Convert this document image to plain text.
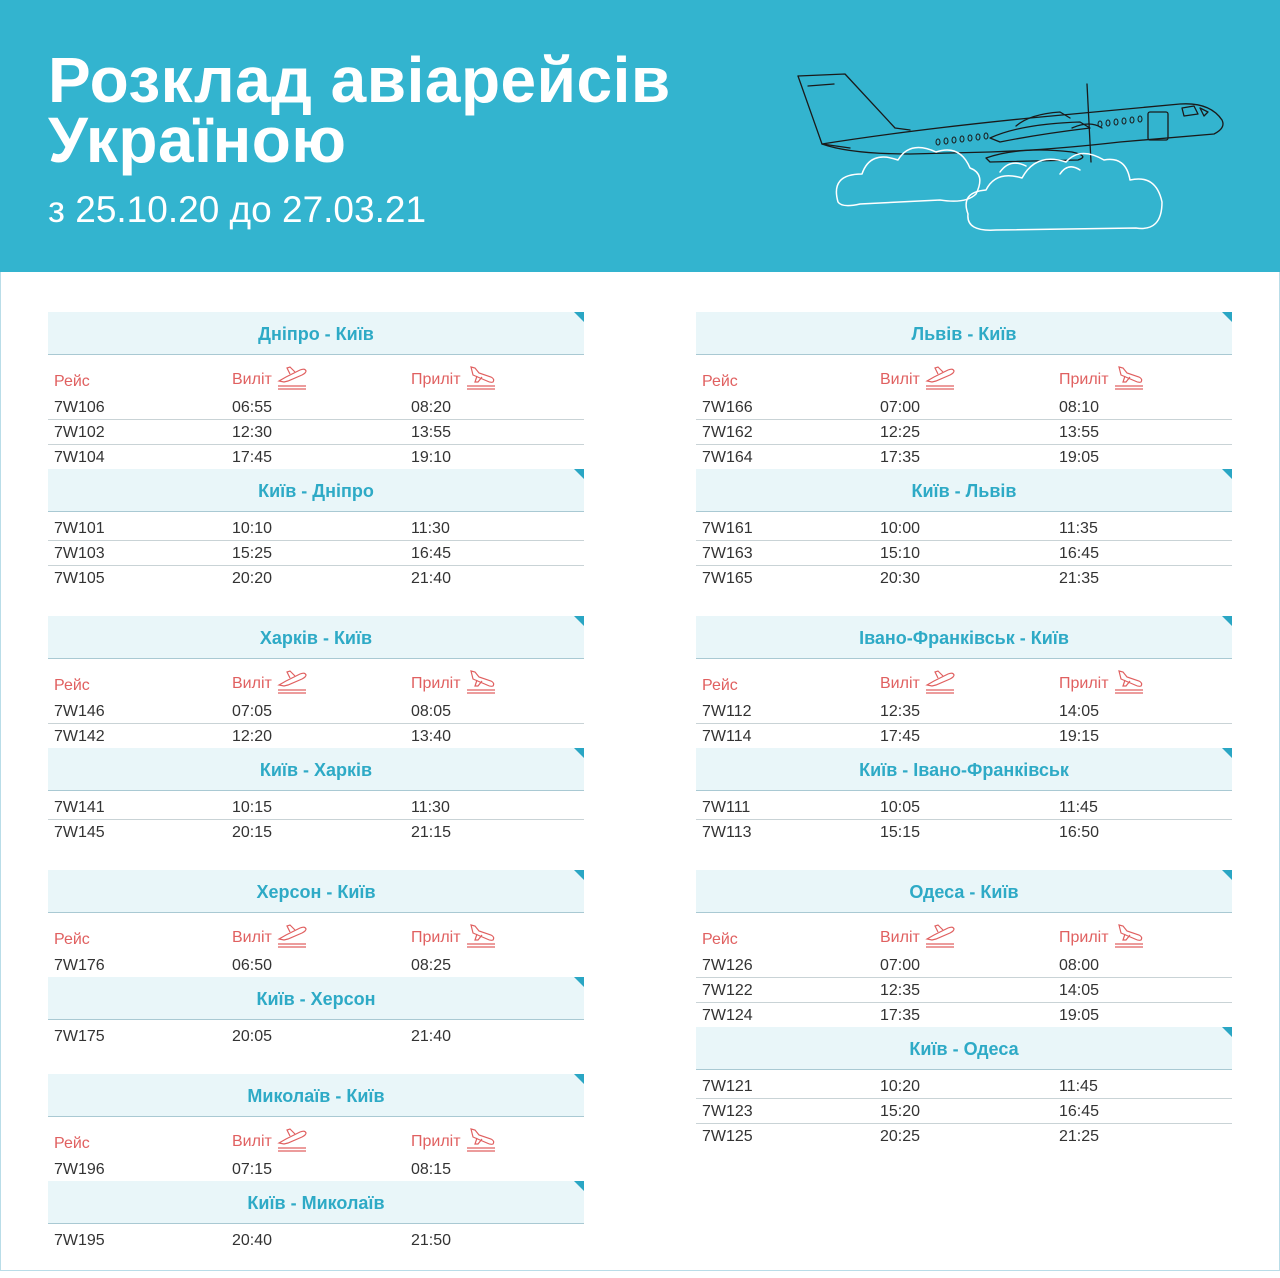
Розклад авіарейсів
Україною

з 25.10.20 до 27.03.21

Дніпро - Київ
Рейс	Виліт	Приліт
7W106	06:55	08:20
7W102	12:30	13:55
7W104	17:45	19:10
Київ - Дніпро
7W101	10:10	11:30
7W103	15:25	16:45
7W105	20:20	21:40
Харків - Київ
Рейс	Виліт	Приліт
7W146	07:05	08:05
7W142	12:20	13:40
Київ - Харків
7W141	10:15	11:30
7W145	20:15	21:15
Херсон - Київ
Рейс	Виліт	Приліт
7W176	06:50	08:25
Київ - Херсон
7W175	20:05	21:40
Миколаїв - Київ
Рейс	Виліт	Приліт
7W196	07:15	08:15
Київ - Миколаїв
7W195	20:40	21:50
Львів - Київ
Рейс	Виліт	Приліт
7W166	07:00	08:10
7W162	12:25	13:55
7W164	17:35	19:05
Київ - Львів
7W161	10:00	11:35
7W163	15:10	16:45
7W165	20:30	21:35
Івано-Франківськ - Київ
Рейс	Виліт	Приліт
7W112	12:35	14:05
7W114	17:45	19:15
Київ - Івано-Франківськ
7W111	10:05	11:45
7W113	15:15	16:50
Одеса - Київ
Рейс	Виліт	Приліт
7W126	07:00	08:00
7W122	12:35	14:05
7W124	17:35	19:05
Київ - Одеса
7W121	10:20	11:45
7W123	15:20	16:45
7W125	20:25	21:25
